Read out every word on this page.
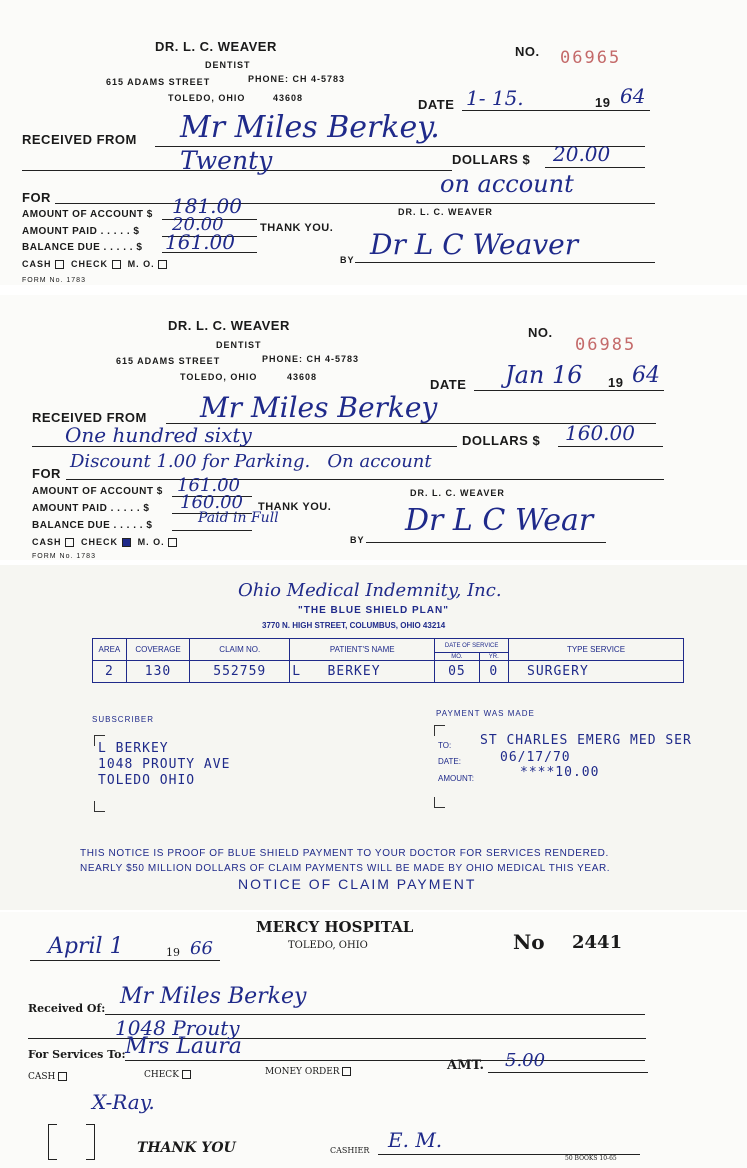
DR. L. C. WEAVER
DENTIST
615 ADAMS STREET	PHONE: CH 4-5783
TOLEDO, OHIO	43608
NO. 06965
DATE 1- 15.	19 64
RECEIVED FROM Mr Miles Berkey.
Twenty	DOLLARS $ 20.00
FOR	on account
AMOUNT OF ACCOUNT $ 181.00
AMOUNT PAID . . . . . $ 20.00	THANK YOU.
BALANCE DUE . . . . . $ 161.00
CASH CHECK M. O.
DR. L. C. WEAVER
BY Dr L C Weaver
FORM No. 1783
DR. L. C. WEAVER
DENTIST
615 ADAMS STREET	PHONE: CH 4-5783
TOLEDO, OHIO	43608
NO.
06985
DATE Jan 16 19 64
RECEIVED FROM Mr Miles Berkey
One hundred sixty	DOLLARS $ 160.00
FOR
Discount 1.00 for Parking.   On account
AMOUNT OF ACCOUNT $ 161.00
AMOUNT PAID . . . . . $ 160.00 THANK YOU.
BALANCE DUE . . . . . $	Paid in Full
CASH CHECK M. O.
DR. L. C. WEAVER
BY
Dr L C Wear
FORM No. 1783
Ohio Medical Indemnity, Inc.
"THE BLUE SHIELD PLAN"
3770 N. HIGH STREET, COLUMBUS, OHIO 43214
AREA	COVERAGE	CLAIM NO.	PATIENT'S NAME	DATE OF SERVICE		TYPE SERVICE
				MO.	YR.	
2	130	552759	L   BERKEY	05	0	SURGERY
SUBSCRIBER
L BERKEY
1048 PROUTY AVE
TOLEDO OHIO
PAYMENT WAS MADE
TO: ST CHARLES EMERG MED SER
DATE:	06/17/70
AMOUNT:	****10.00
THIS NOTICE IS PROOF OF BLUE SHIELD PAYMENT TO YOUR DOCTOR FOR SERVICES RENDERED.
NEARLY $50 MILLION DOLLARS OF CLAIM PAYMENTS WILL BE MADE BY OHIO MEDICAL THIS YEAR.
NOTICE OF CLAIM PAYMENT
MERCY HOSPITAL
TOLEDO, OHIO
April 1	19 66	No 2441
Received Of: Mr Miles Berkey
1048 Prouty
For Services To: Mrs Laura
CASH	CHECK	MONEY ORDER	AMT. 5.00
X-Ray.
THANK YOU	CASHIER E. M.
50 BOOKS 10-65
